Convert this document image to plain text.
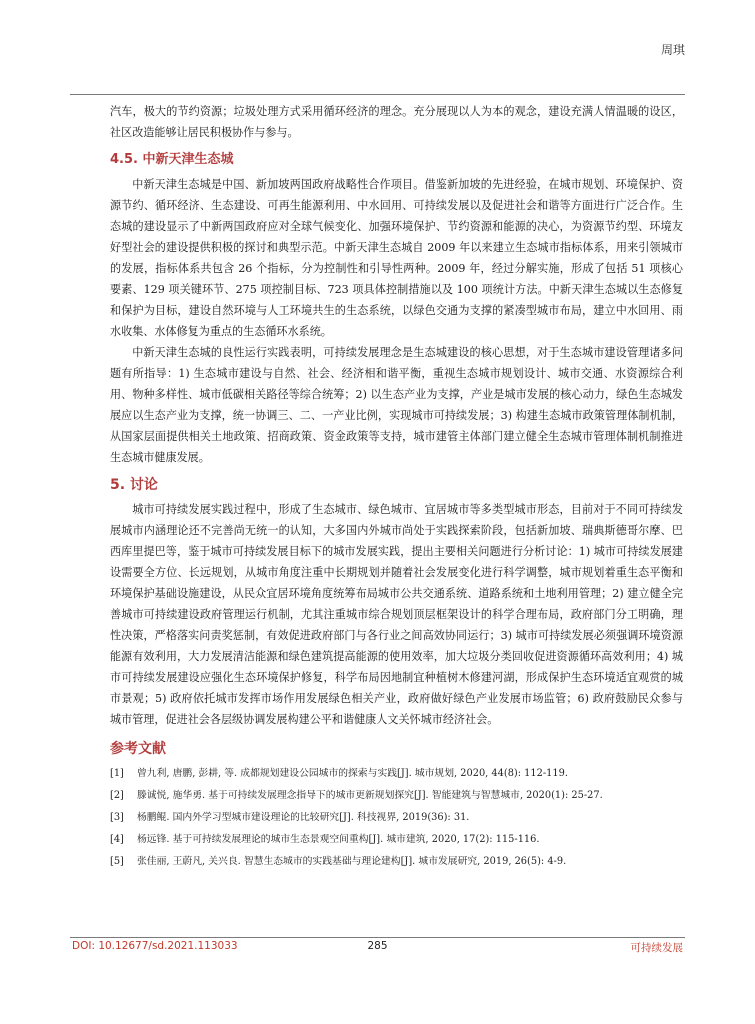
周琪

汽车，极大的节约资源；垃圾处理方式采用循环经济的理念。充分展现以人为本的观念，建设充满人情温暖的设区，社区改造能够让居民积极协作与参与。

4.5. 中新天津生态城

中新天津生态城是中国、新加坡两国政府战略性合作项目。借鉴新加坡的先进经验，在城市规划、环境保护、资源节约、循环经济、生态建设、可再生能源利用、中水回用、可持续发展以及促进社会和谐等方面进行广泛合作。生态城的建设显示了中新两国政府应对全球气候变化、加强环境保护、节约资源和能源的决心，为资源节约型、环境友好型社会的建设提供积极的探讨和典型示范。中新天津生态城自 2009 年以来建立生态城市指标体系，用来引领城市的发展，指标体系共包含 26 个指标，分为控制性和引导性两种。2009 年，经过分解实施，形成了包括 51 项核心要素、129 项关键环节、275 项控制目标、723 项具体控制措施以及 100 项统计方法。中新天津生态城以生态修复和保护为目标，建设自然环境与人工环境共生的生态系统，以绿色交通为支撑的紧凑型城市布局，建立中水回用、雨水收集、水体修复为重点的生态循环水系统。

中新天津生态城的良性运行实践表明，可持续发展理念是生态城建设的核心思想，对于生态城市建设管理诸多问题有所指导：1) 生态城市建设与自然、社会、经济相和谐平衡，重视生态城市规划设计、城市交通、水资源综合利用、物种多样性、城市低碳相关路径等综合统筹；2) 以生态产业为支撑，产业是城市发展的核心动力，绿色生态城发展应以生态产业为支撑，统一协调三、二、一产业比例，实现城市可持续发展；3) 构建生态城市政策管理体制机制，从国家层面提供相关土地政策、招商政策、资金政策等支持，城市建管主体部门建立健全生态城市管理体制机制推进生态城市健康发展。

5. 讨论

城市可持续发展实践过程中，形成了生态城市、绿色城市、宜居城市等多类型城市形态，目前对于不同可持续发展城市内涵理论还不完善尚无统一的认知，大多国内外城市尚处于实践探索阶段，包括新加坡、瑞典斯德哥尔摩、巴西库里提巴等，鉴于城市可持续发展目标下的城市发展实践，提出主要相关问题进行分析讨论：1) 城市可持续发展建设需要全方位、长远规划，从城市角度注重中长期规划并随着社会发展变化进行科学调整，城市规划着重生态平衡和环境保护基础设施建设，从民众宜居环境角度统筹布局城市公共交通系统、道路系统和土地利用管理；2) 建立健全完善城市可持续建设政府管理运行机制，尤其注重城市综合规划顶层框架设计的科学合理布局，政府部门分工明确，理性决策，严格落实问责奖惩制，有效促进政府部门与各行业之间高效协同运行；3) 城市可持续发展必须强调环境资源能源有效利用，大力发展清洁能源和绿色建筑提高能源的使用效率，加大垃圾分类回收促进资源循环高效利用；4) 城市可持续发展建设应强化生态环境保护修复，科学布局因地制宜种植树木修建河湖，形成保护生态环境适宜观赏的城市景观；5) 政府依托城市发挥市场作用发展绿色相关产业，政府做好绿色产业发展市场监管；6) 政府鼓励民众参与城市管理，促进社会各层级协调发展构建公平和谐健康人文关怀城市经济社会。

参考文献
[1]	曾九利, 唐鹏, 彭耕, 等. 成都规划建设公园城市的探索与实践[J]. 城市规划, 2020, 44(8): 112-119.
[2]	滕诚悦, 施华勇. 基于可持续发展理念指导下的城市更新规划探究[J]. 智能建筑与智慧城市, 2020(1): 25-27.
[3]	杨鹏鲲. 国内外学习型城市建设理论的比较研究[J]. 科技视界, 2019(36): 31.
[4]	杨远锋. 基于可持续发展理论的城市生态景观空间重构[J]. 城市建筑, 2020, 17(2): 115-116.
[5]	张佳丽, 王蔚凡, 关兴良. 智慧生态城市的实践基础与理论建构[J]. 城市发展研究, 2019, 26(5): 4-9.
DOI: 10.12677/sd.2021.113033	285	可持续发展
